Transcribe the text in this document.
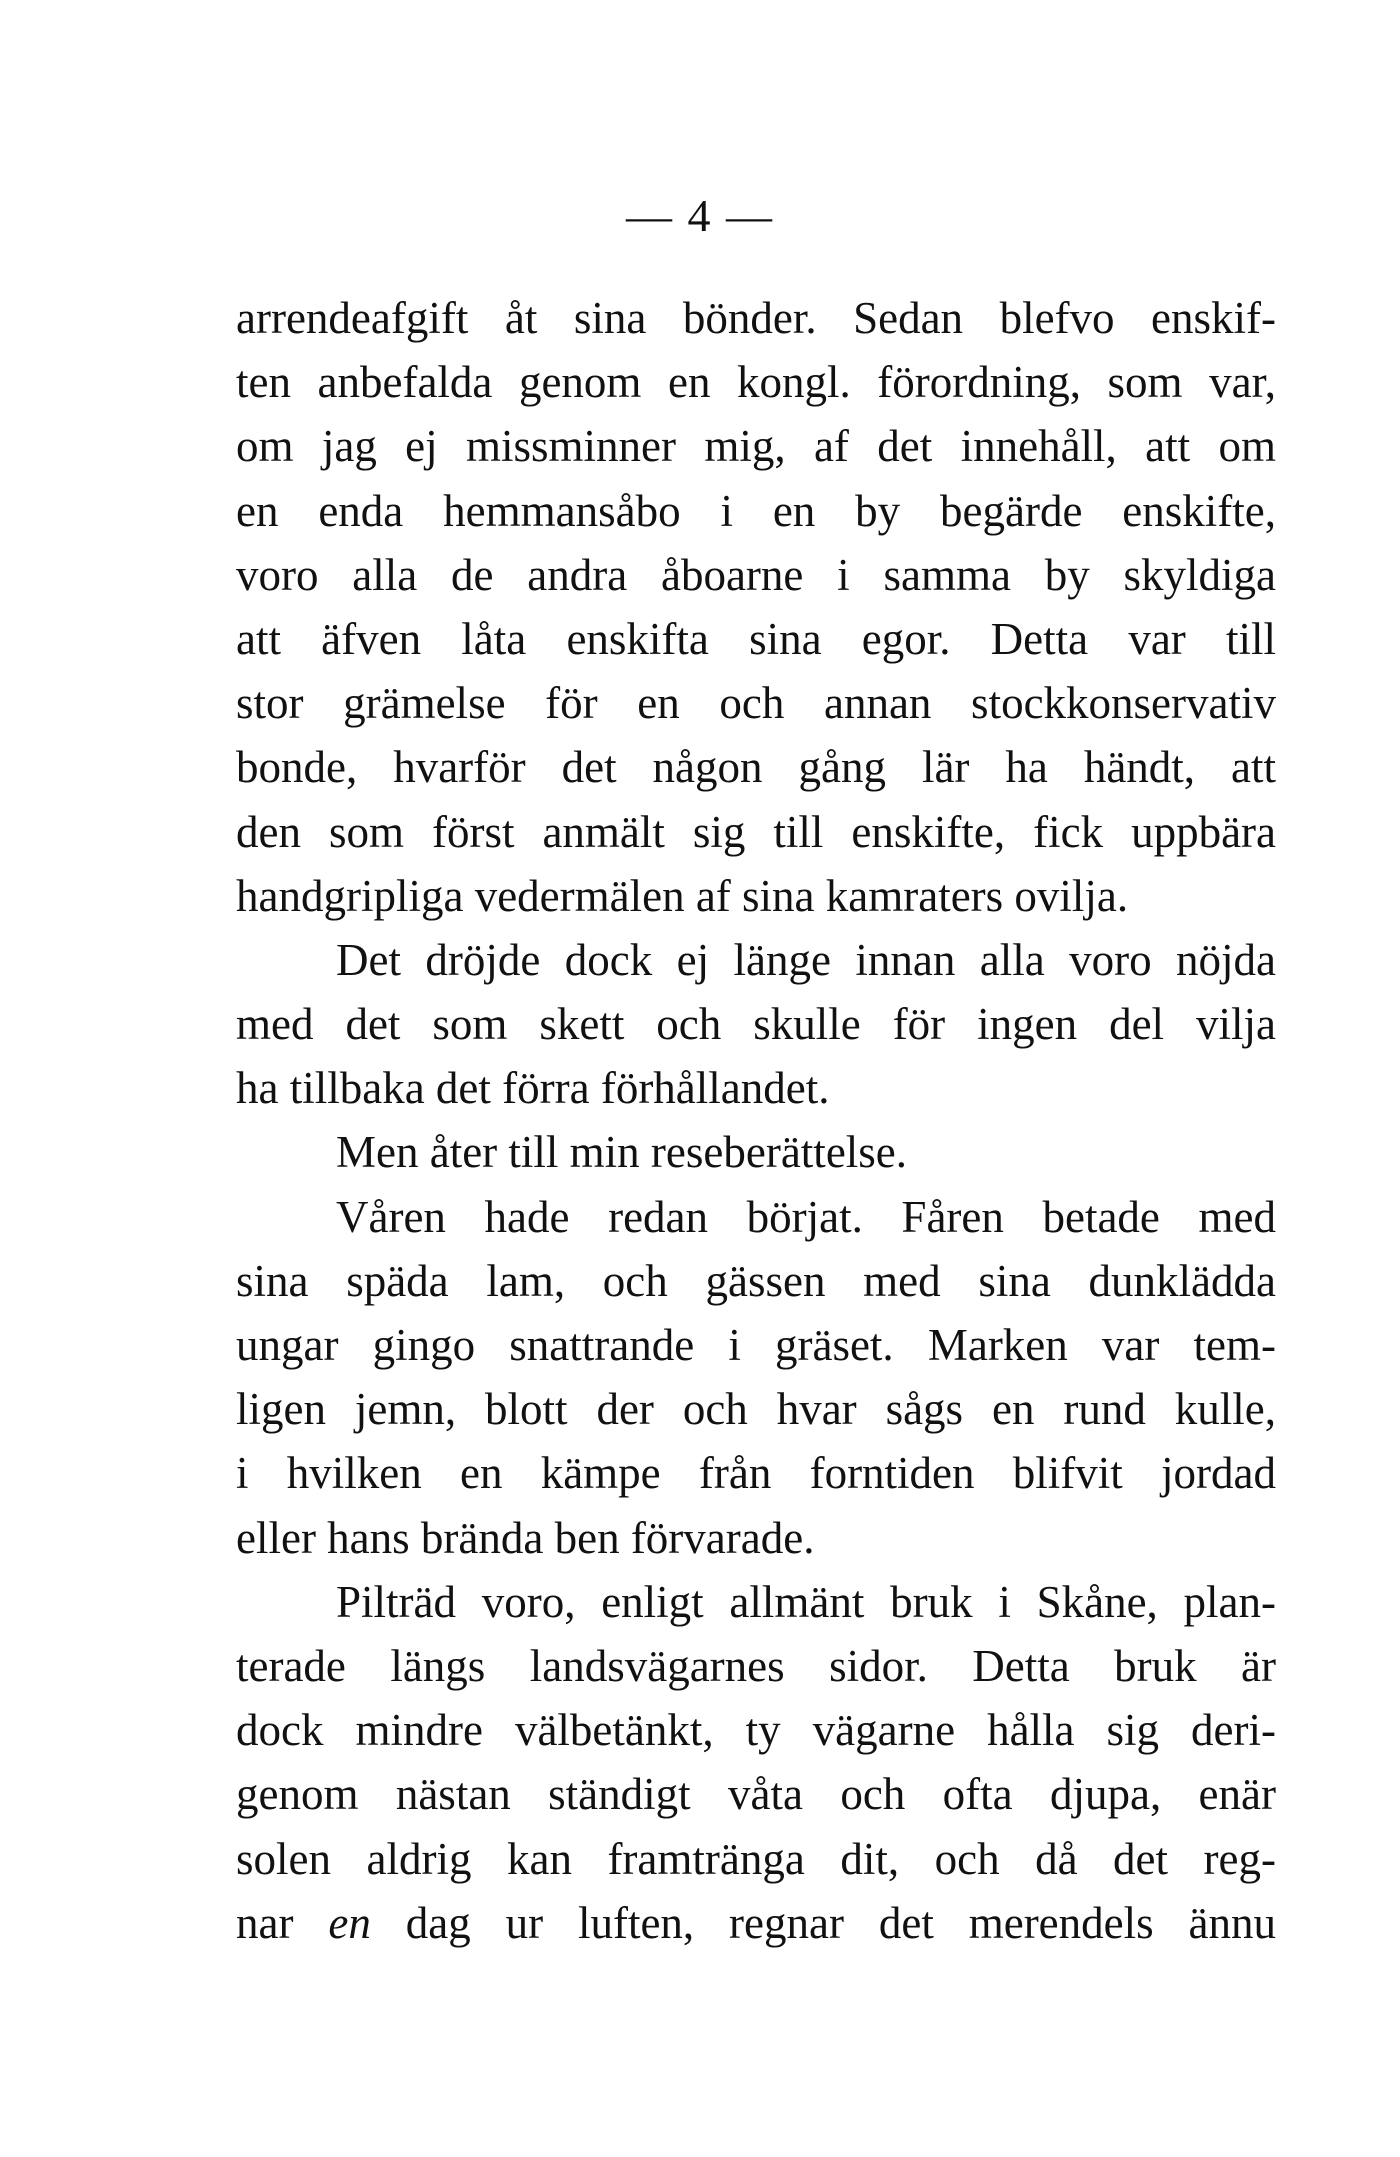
— 4 —
arrendeafgift åt sina bönder. Sedan blefvo enskif-
ten anbefalda genom en kongl. förordning, som var,
om jag ej missminner mig, af det innehåll, att om
en enda hemmansåbo i en by begärde enskifte,
voro alla de andra åboarne i samma by skyldiga
att äfven låta enskifta sina egor. Detta var till
stor grämelse för en och annan stockkonservativ
bonde, hvarför det någon gång lär ha händt, att
den som först anmält sig till enskifte, fick uppbära
handgripliga vedermälen af sina kamraters ovilja.
Det dröjde dock ej länge innan alla voro nöjda
med det som skett och skulle för ingen del vilja
ha tillbaka det förra förhållandet.
Men åter till min reseberättelse.
Våren hade redan börjat. Fåren betade med
sina späda lam, och gässen med sina dunklädda
ungar gingo snattrande i gräset. Marken var tem-
ligen jemn, blott der och hvar sågs en rund kulle,
i hvilken en kämpe från forntiden blifvit jordad
eller hans brända ben förvarade.
Pilträd voro, enligt allmänt bruk i Skåne, plan-
terade längs landsvägarnes sidor. Detta bruk är
dock mindre välbetänkt, ty vägarne hålla sig deri-
genom nästan ständigt våta och ofta djupa, enär
solen aldrig kan framtränga dit, och då det reg-
nar en dag ur luften, regnar det merendels ännu
